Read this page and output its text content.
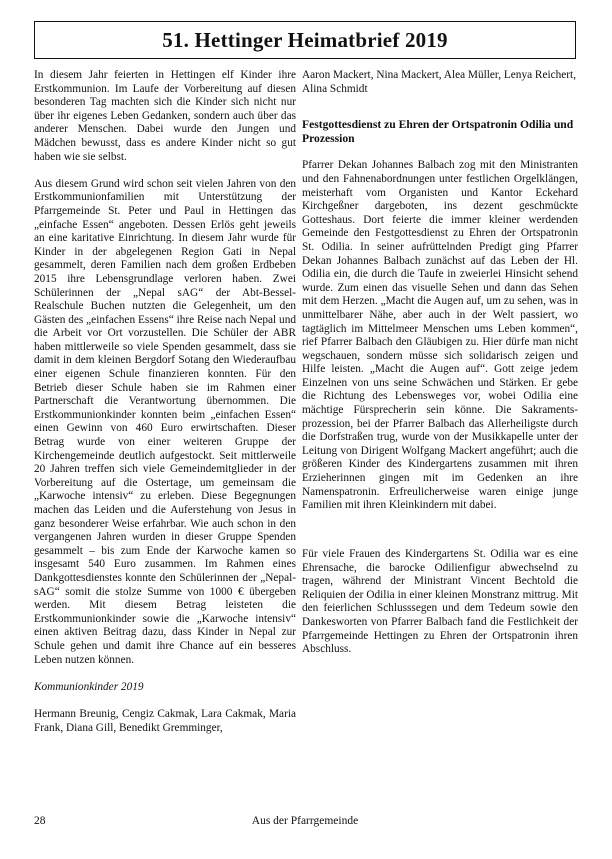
51. Hettinger Heimatbrief 2019

In diesem Jahr feierten in Hettingen elf Kinder ihre Erstkommunion. Im Laufe der Vorbereitung auf diesen besonderen Tag machten sich die Kinder sich nicht nur über ihr eigenes Leben Gedanken, sondern auch über das anderer Menschen. Dabei wurde den Jungen und Mädchen bewusst, dass es andere Kinder nicht so gut haben wie sie selbst.

Aus diesem Grund wird schon seit vielen Jahren von den Erstkommunionfamilien mit Unterstützung der Pfarrgemeinde St. Peter und Paul in Hettingen das „einfache Essen“ angeboten. Dessen Erlös geht jeweils an eine karitative Einrichtung. In diesem Jahr wurde für Kinder in der abgelegenen Region Gati in Nepal gesammelt, deren Familien nach dem großen Erdbeben 2015 ihre Lebensgrundlage verloren haben. Zwei Schülerinnen der „Nepal sAG“ der Abt-Bessel-Realschule Buchen nutzten die Gelegenheit, um den Gästen des „einfachen Essens“ ihre Reise nach Nepal und die Arbeit vor Ort vorzustellen. Die Schüler der ABR haben mittlerweile so viele Spenden gesammelt, dass sie damit in dem kleinen Bergdorf Sotang den Wiederaufbau einer eigenen Schule finanzieren konnten. Für den Betrieb dieser Schule haben sie im Rahmen einer Partnerschaft die Verantwortung übernommen. Die Erstkommunionkinder konnten beim „einfachen Essen“ einen Gewinn von 460 Euro erwirtschaften. Dieser Betrag wurde von einer weiteren Gruppe der Kirchengemeinde deutlich aufgestockt. Seit mittlerweile 20 Jahren treffen sich viele Gemeindemitglieder in der Vorbereitung auf die Ostertage, um gemeinsam die „Karwoche intensiv“ zu erleben. Diese Begegnungen machen das Leiden und die Auferstehung von Jesus in ganz besonderer Weise erfahrbar. Wie auch schon in den vergangenen Jahren wurden in dieser Gruppe Spenden gesammelt – bis zum Ende der Karwoche kamen so insgesamt 540 Euro zusammen. Im Rahmen eines Dankgottesdienstes konnte den Schülerinnen der „Nepal-sAG“ somit die stolze Summe von 1000 € übergeben werden. Mit diesem Betrag leisteten die Erstkommunionkinder sowie die „Karwoche intensiv“ einen aktiven Beitrag dazu, dass Kinder in Nepal zur Schule gehen und damit ihre Chance auf ein besseres Leben nutzen können.

Kommunionkinder 2019

Hermann Breunig, Cengiz Cakmak, Lara Cakmak, Maria Frank, Diana Gill, Benedikt Gremminger,

Aaron Mackert, Nina Mackert, Alea Müller, Lenya Reichert, Alina Schmidt

Festgottesdienst zu Ehren der Ortspatronin Odilia und Prozession

Pfarrer Dekan Johannes Balbach zog mit den Ministranten und den Fahnenabordnungen unter festlichen Orgelklängen, meisterhaft vom Organisten und Kantor Eckehard Kirchgeßner dargeboten, ins dezent geschmückte Gotteshaus. Dort feierte die immer kleiner werdenden Gemeinde den Festgottesdienst zu Ehren der Ortspatronin St. Odilia. In seiner aufrüttelnden Predigt ging Pfarrer Dekan Johannes Balbach zunächst auf das Leben der Hl. Odilia ein, die durch die Taufe in zweierlei Hinsicht sehend wurde. Zum einen das visuelle Sehen und dann das Sehen mit dem Herzen. „Macht die Augen auf, um zu sehen, was in unmittelbarer Nähe, aber auch in der Welt passiert, wo tagtäglich im Mittelmeer Menschen ums Leben kommen“, rief Pfarrer Balbach den Gläubigen zu. Hier dürfe man nicht wegschauen, sondern müsse sich solidarisch zeigen und Hilfe leisten. „Macht die Augen auf“. Gott zeige jedem Einzelnen von uns seine Schwächen und Stärken. Er gebe die Richtung des Lebensweges vor, wobei Odilia eine mächtige Fürsprecherin sein könne. Die Sakraments-prozession, bei der Pfarrer Balbach das Allerheiligste durch die Dorfstraßen trug, wurde von der Musikkapelle unter der Leitung von Dirigent Wolfgang Mackert angeführt; auch die größeren Kinder des Kindergartens zusammen mit ihren Erzieherinnen gingen mit im Gedenken an ihre Namenspatronin. Erfreulicherweise waren einige junge Familien mit ihren Kleinkindern mit dabei.

Für viele Frauen des Kindergartens St. Odilia war es eine Ehrensache, die barocke Odilienfigur abwechselnd zu tragen, während der Ministrant Vincent Bechtold die Reliquien der Odilia in einer kleinen Monstranz mittrug. Mit den feierlichen Schlusssegen und dem Tedeum sowie den Dankesworten von Pfarrer Balbach fand die Festlichkeit der Pfarrgemeinde Hettingen zu Ehren der Ortspatronin ihren Abschluss.

Aus der Pfarrgemeinde
28
